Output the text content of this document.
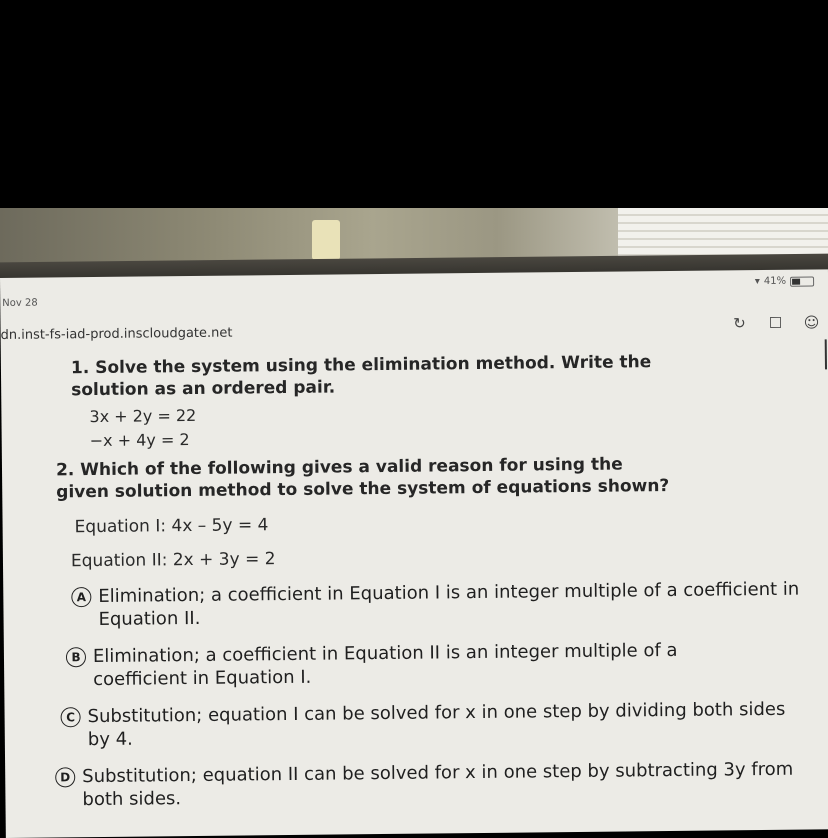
Nov 28
▾ 41%
dn.inst-fs-iad-prod.inscloudgate.net
↻ ☐ ☺
1. Solve the system using the elimination method. Write the solution as an ordered pair.
3x + 2y = 22
−x + 4y = 2
2. Which of the following gives a valid reason for using the given solution method to solve the system of equations shown?
Equation I: 4x – 5y = 4
Equation II: 2x + 3y = 2
A Elimination; a coefficient in Equation I is an integer multiple of a coefficient in Equation II.
B Elimination; a coefficient in Equation II is an integer multiple of a coefficient in Equation I.
C Substitution; equation I can be solved for x in one step by dividing both sides by 4.
D Substitution; equation II can be solved for x in one step by subtracting 3y from both sides.
